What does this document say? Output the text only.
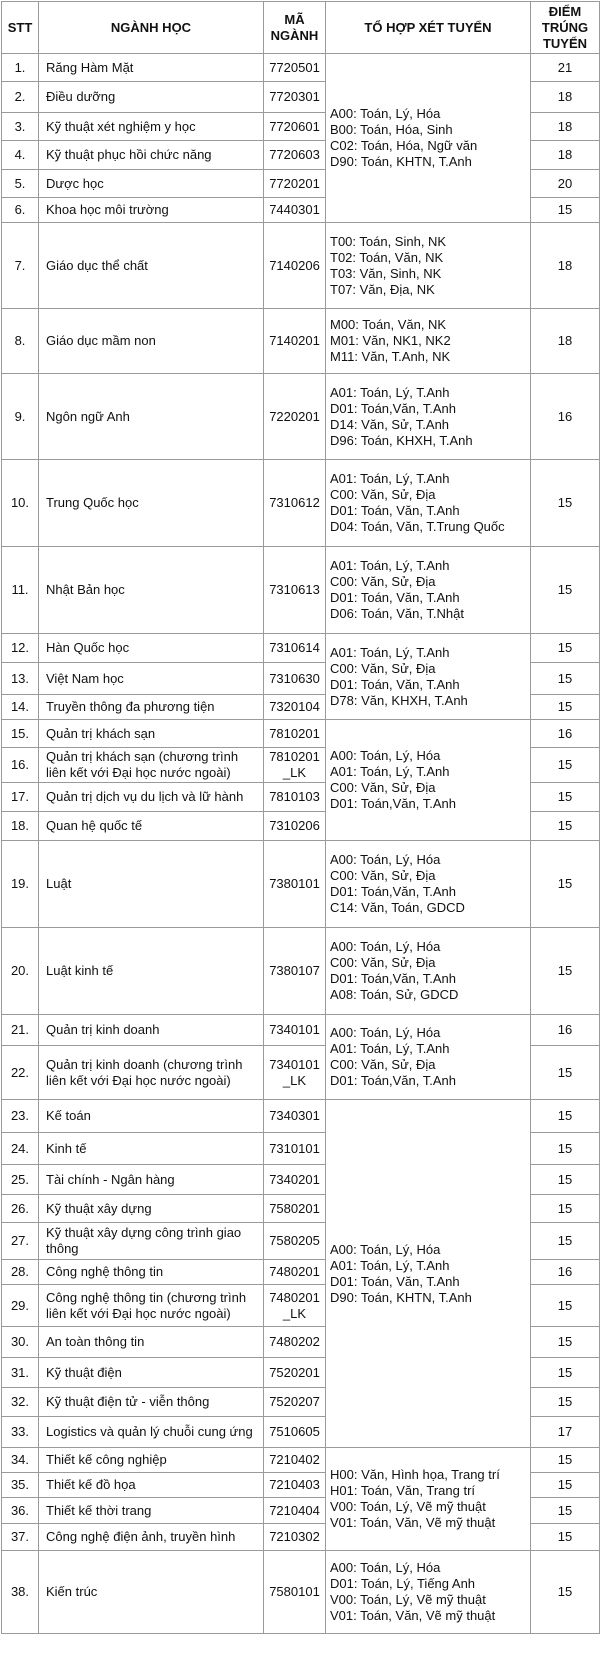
STT	NGÀNH HỌC	MÃ NGÀNH	TỔ HỢP XÉT TUYỂN	ĐIỂM TRÚNG TUYỂN
1.	Răng Hàm Mặt	7720501	A00: Toán, Lý, Hóa
B00: Toán, Hóa, Sinh
C02: Toán, Hóa, Ngữ văn
D90: Toán, KHTN, T.Anh	21
2.	Điều dưỡng	7720301		18
3.	Kỹ thuật xét nghiệm y học	7720601		18
4.	Kỹ thuật phục hồi chức năng	7720603		18
5.	Dược học	7720201		20
6.	Khoa học môi trường	7440301		15
7.	Giáo dục thể chất	7140206	T00: Toán, Sinh, NK
T02: Toán, Văn, NK
T03: Văn, Sinh, NK
T07: Văn, Địa, NK	18
8.	Giáo dục mầm non	7140201	M00: Toán, Văn, NK
M01: Văn, NK1, NK2
M11: Văn, T.Anh, NK	18
9.	Ngôn ngữ Anh	7220201	A01: Toán, Lý, T.Anh
D01: Toán,Văn, T.Anh
D14: Văn, Sử, T.Anh
D96: Toán, KHXH, T.Anh	16
10.	Trung Quốc học	7310612	A01: Toán, Lý, T.Anh
C00: Văn, Sử, Địa
D01: Toán, Văn, T.Anh
D04: Toán, Văn, T.Trung Quốc	15
11.	Nhật Bản học	7310613	A01: Toán, Lý, T.Anh
C00: Văn, Sử, Địa
D01: Toán, Văn, T.Anh
D06: Toán, Văn, T.Nhật	15
12.	Hàn Quốc học	7310614	A01: Toán, Lý, T.Anh
C00: Văn, Sử, Địa
D01: Toán, Văn, T.Anh
D78: Văn, KHXH, T.Anh	15
13.	Việt Nam học	7310630		15
14.	Truyền thông đa phương tiện	7320104		15
15.	Quản trị khách sạn	7810201	A00: Toán, Lý, Hóa
A01: Toán, Lý, T.Anh
C00: Văn, Sử, Địa
D01: Toán,Văn, T.Anh	16
16.	Quản trị khách sạn (chương trình liên kết với Đại học nước ngoài)	7810201 _LK		15
17.	Quản trị dịch vụ du lịch và lữ hành	7810103		15
18.	Quan hệ quốc tế	7310206		15
19.	Luật	7380101	A00: Toán, Lý, Hóa
C00: Văn, Sử, Địa
D01: Toán,Văn, T.Anh
C14: Văn, Toán, GDCD	15
20.	Luật kinh tế	7380107	A00: Toán, Lý, Hóa
C00: Văn, Sử, Địa
D01: Toán,Văn, T.Anh
A08: Toán, Sử, GDCD	15
21.	Quản trị kinh doanh	7340101	A00: Toán, Lý, Hóa
A01: Toán, Lý, T.Anh
C00: Văn, Sử, Địa
D01: Toán,Văn, T.Anh	16
22.	Quản trị kinh doanh (chương trình liên kết với Đại học nước ngoài)	7340101 _LK		15
23.	Kế toán	7340301	A00: Toán, Lý, Hóa
A01: Toán, Lý, T.Anh
D01: Toán, Văn, T.Anh
D90: Toán, KHTN, T.Anh	15
24.	Kinh tế	7310101		15
25.	Tài chính - Ngân hàng	7340201		15
26.	Kỹ thuật xây dựng	7580201		15
27.	Kỹ thuật xây dựng công trình giao thông	7580205		15
28.	Công nghệ thông tin	7480201		16
29.	Công nghệ thông tin (chương trình liên kết với Đại học nước ngoài)	7480201 _LK		15
30.	An toàn thông tin	7480202		15
31.	Kỹ thuật điện	7520201		15
32.	Kỹ thuật điện tử - viễn thông	7520207		15
33.	Logistics và quản lý chuỗi cung ứng	7510605		17
34.	Thiết kế công nghiệp	7210402	H00: Văn, Hình họa, Trang trí
H01: Toán, Văn, Trang trí
V00: Toán, Lý, Vẽ mỹ thuật
V01: Toán, Văn, Vẽ mỹ thuật	15
35.	Thiết kế đồ họa	7210403		15
36.	Thiết kế thời trang	7210404		15
37.	Công nghệ điện ảnh, truyền hình	7210302		15
38.	Kiến trúc	7580101	A00: Toán, Lý, Hóa
D01: Toán, Lý, Tiếng Anh
V00: Toán, Lý, Vẽ mỹ thuật
V01: Toán, Văn, Vẽ mỹ thuật	15
